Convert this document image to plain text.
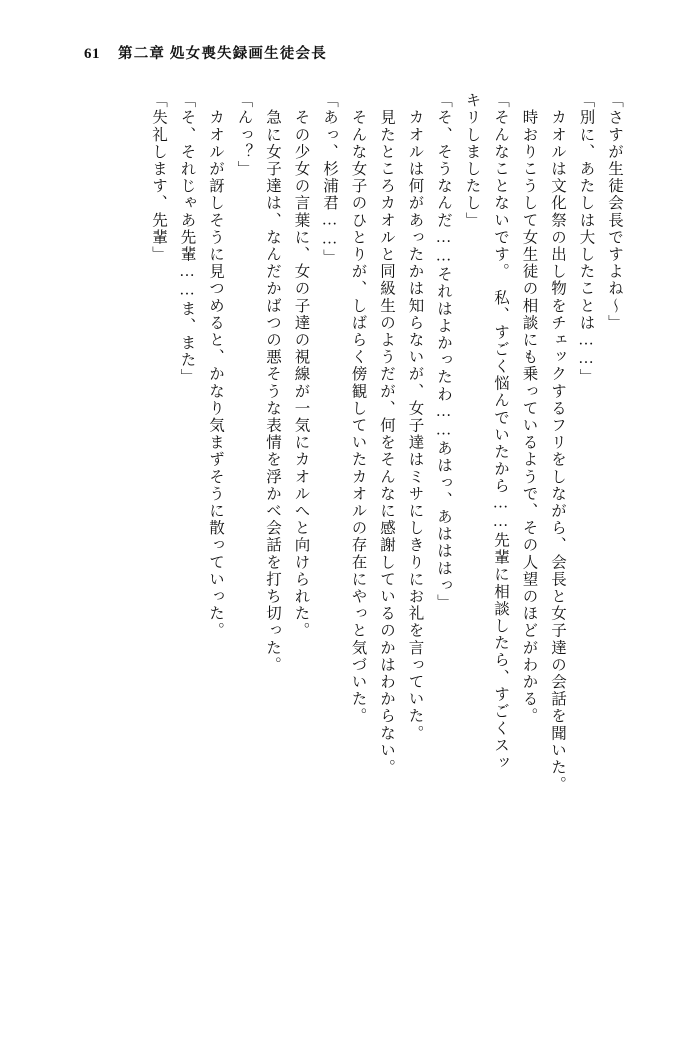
61 第二章 処女喪失録画生徒会長
「失礼します、先輩」 「そ、それじゃあ先輩……ま、また」 　カオルが訝しそうに見つめると、かなり気まずそうに散っていった。 「んっ？」 　急に女子達は、なんだかばつの悪そうな表情を浮かべ会話を打ち切った。 　その少女の言葉に、女の子達の視線が一気にカオルへと向けられた。 「あっ、杉浦君……」 　そんな女子のひとりが、しばらく傍観していたカオルの存在にやっと気づいた。 　見たところカオルと同級生のようだが、何をそんなに感謝しているのかはわからない。 　カオルは何があったかは知らないが、女子達はミサにしきりにお礼を言っていた。 「そ、そうなんだ……それはよかったわ……あはっ、あはははっ」 キリしましたし」 「そんなことないです。　私、すごく悩んでいたから……先輩に相談したら、すごくスッ 　時おりこうして女生徒の相談にも乗っているようで、その人望のほどがわかる。 　カオルは文化祭の出し物をチェックするフリをしながら、会長と女子達の会話を聞いた。 「別に、あたしは大したことは……」 「さすが生徒会長ですよね〜」
